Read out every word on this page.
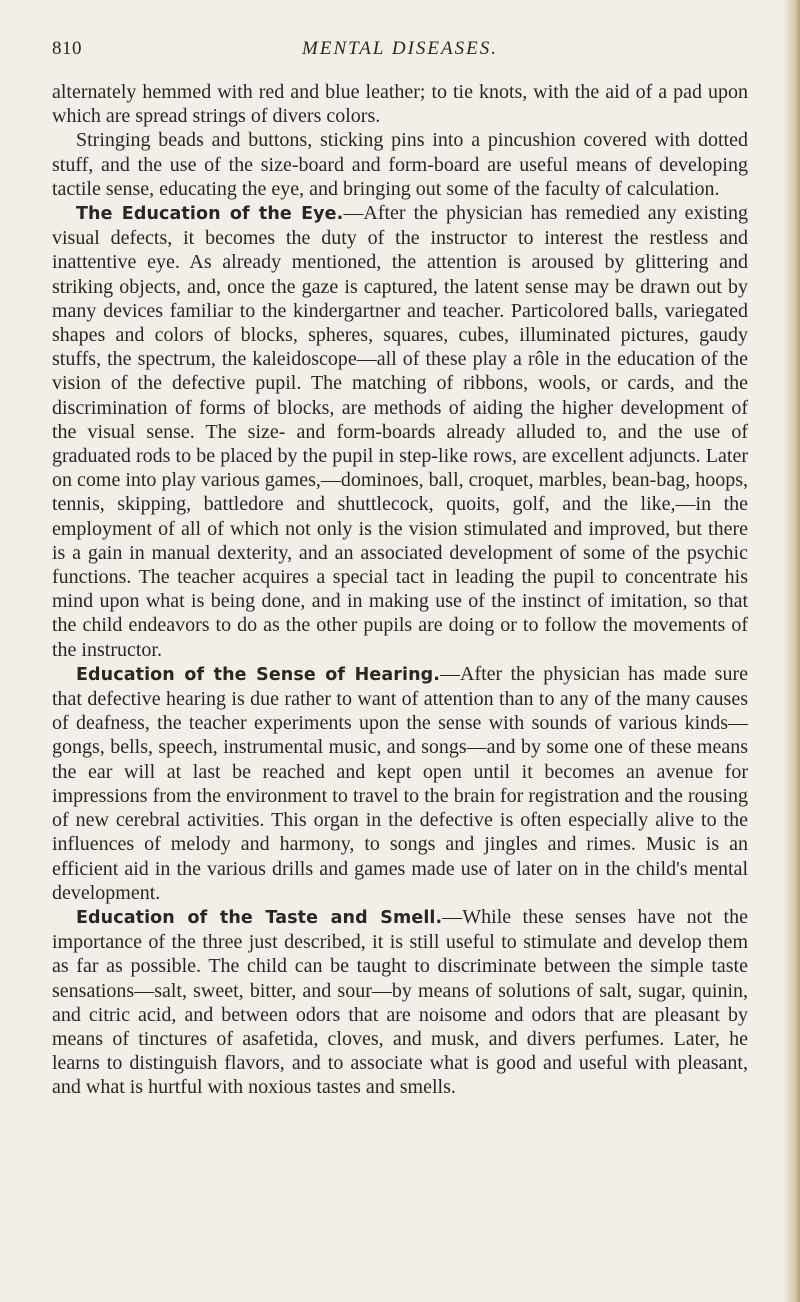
810	MENTAL DISEASES.

alternately hemmed with red and blue leather; to tie knots, with the aid of a pad upon which are spread strings of divers colors.

Stringing beads and buttons, sticking pins into a pincushion covered with dotted stuff, and the use of the size-board and form-board are useful means of developing tactile sense, educating the eye, and bringing out some of the faculty of calculation.

The Education of the Eye.—After the physician has remedied any existing visual defects, it becomes the duty of the instructor to interest the restless and inattentive eye. As already mentioned, the attention is aroused by glittering and striking objects, and, once the gaze is captured, the latent sense may be drawn out by many devices familiar to the kindergartner and teacher. Particolored balls, variegated shapes and colors of blocks, spheres, squares, cubes, illuminated pictures, gaudy stuffs, the spectrum, the kaleidoscope—all of these play a rôle in the education of the vision of the defective pupil. The matching of ribbons, wools, or cards, and the discrimination of forms of blocks, are methods of aiding the higher development of the visual sense. The size- and form-boards already alluded to, and the use of graduated rods to be placed by the pupil in step-like rows, are excellent adjuncts. Later on come into play various games,—dominoes, ball, croquet, marbles, bean-bag, hoops, tennis, skipping, battledore and shuttlecock, quoits, golf, and the like,—in the employment of all of which not only is the vision stimulated and improved, but there is a gain in manual dexterity, and an associated development of some of the psychic functions. The teacher acquires a special tact in leading the pupil to concentrate his mind upon what is being done, and in making use of the instinct of imitation, so that the child endeavors to do as the other pupils are doing or to follow the movements of the instructor.

Education of the Sense of Hearing.—After the physician has made sure that defective hearing is due rather to want of attention than to any of the many causes of deafness, the teacher experiments upon the sense with sounds of various kinds—gongs, bells, speech, instrumental music, and songs—and by some one of these means the ear will at last be reached and kept open until it becomes an avenue for impressions from the environment to travel to the brain for registration and the rousing of new cerebral activities. This organ in the defective is often especially alive to the influences of melody and harmony, to songs and jingles and rimes. Music is an efficient aid in the various drills and games made use of later on in the child's mental development.

Education of the Taste and Smell.—While these senses have not the importance of the three just described, it is still useful to stimulate and develop them as far as possible. The child can be taught to discriminate between the simple taste sensations—salt, sweet, bitter, and sour—by means of solutions of salt, sugar, quinin, and citric acid, and between odors that are noisome and odors that are pleasant by means of tinctures of asafetida, cloves, and musk, and divers perfumes. Later, he learns to distinguish flavors, and to associate what is good and useful with pleasant, and what is hurtful with noxious tastes and smells.
